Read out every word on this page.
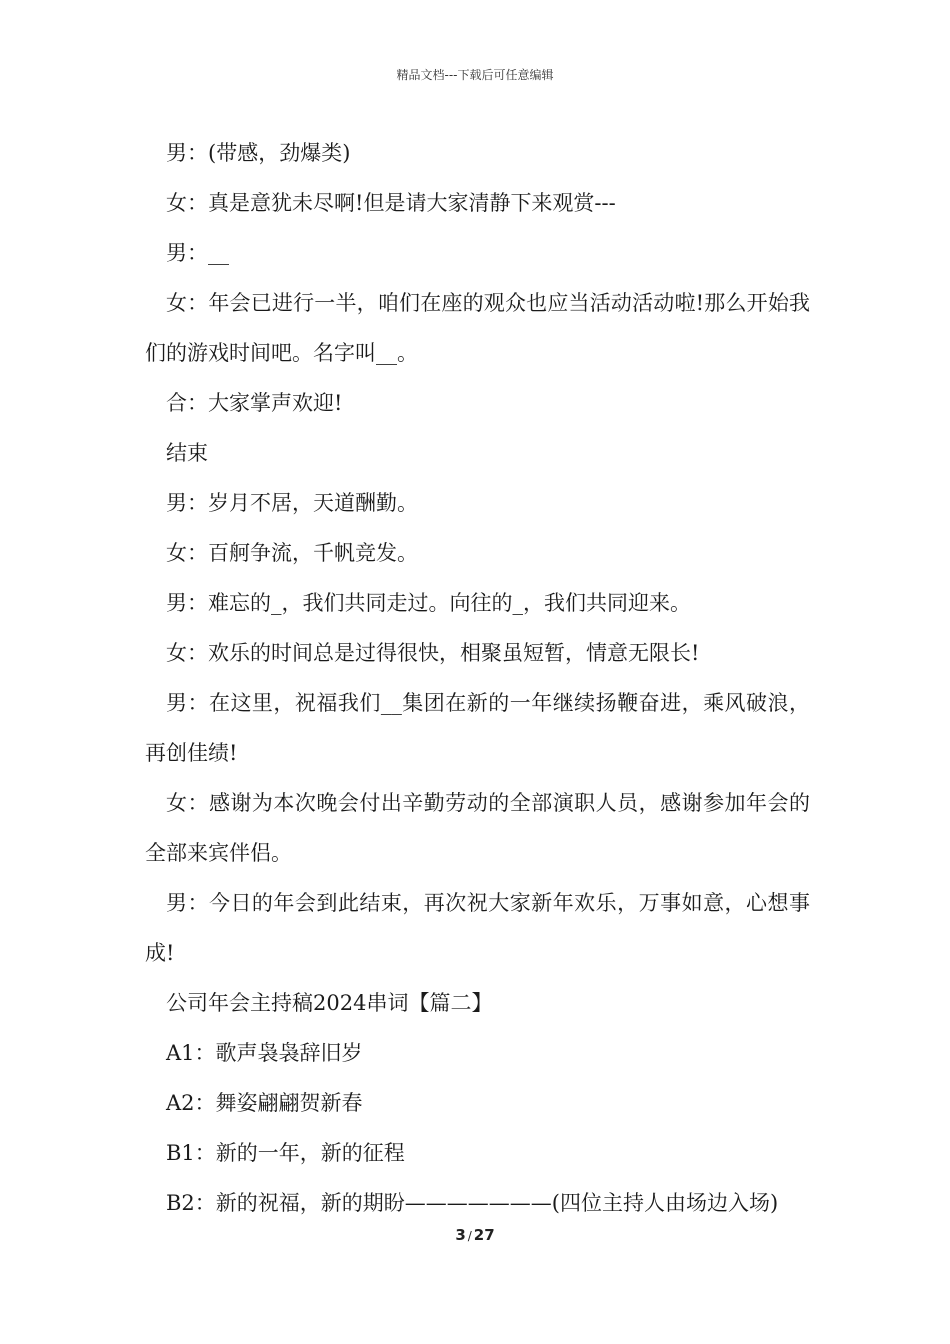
精品文档---下载后可任意编辑

男：(带感，劲爆类)

女：真是意犹未尽啊!但是请大家清静下来观赏---

男：__

女：年会已进行一半，咱们在座的观众也应当活动活动啦!那么开始我们的游戏时间吧。名字叫__。

合：大家掌声欢迎!

结束

男：岁月不居，天道酬勤。

女：百舸争流，千帆竞发。

男：难忘的_，我们共同走过。向往的_，我们共同迎来。

女：欢乐的时间总是过得很快，相聚虽短暂，情意无限长!

男：在这里，祝福我们__集团在新的一年继续扬鞭奋进，乘风破浪，再创佳绩!

女：感谢为本次晚会付出辛勤劳动的全部演职人员，感谢参加年会的全部来宾伴侣。

男：今日的年会到此结束，再次祝大家新年欢乐，万事如意，心想事成!

公司年会主持稿2024串词【篇二】

A1：歌声袅袅辞旧岁

A2：舞姿翩翩贺新春

B1：新的一年，新的征程

B2：新的祝福，新的期盼———————(四位主持人由场边入场)

3 / 27
